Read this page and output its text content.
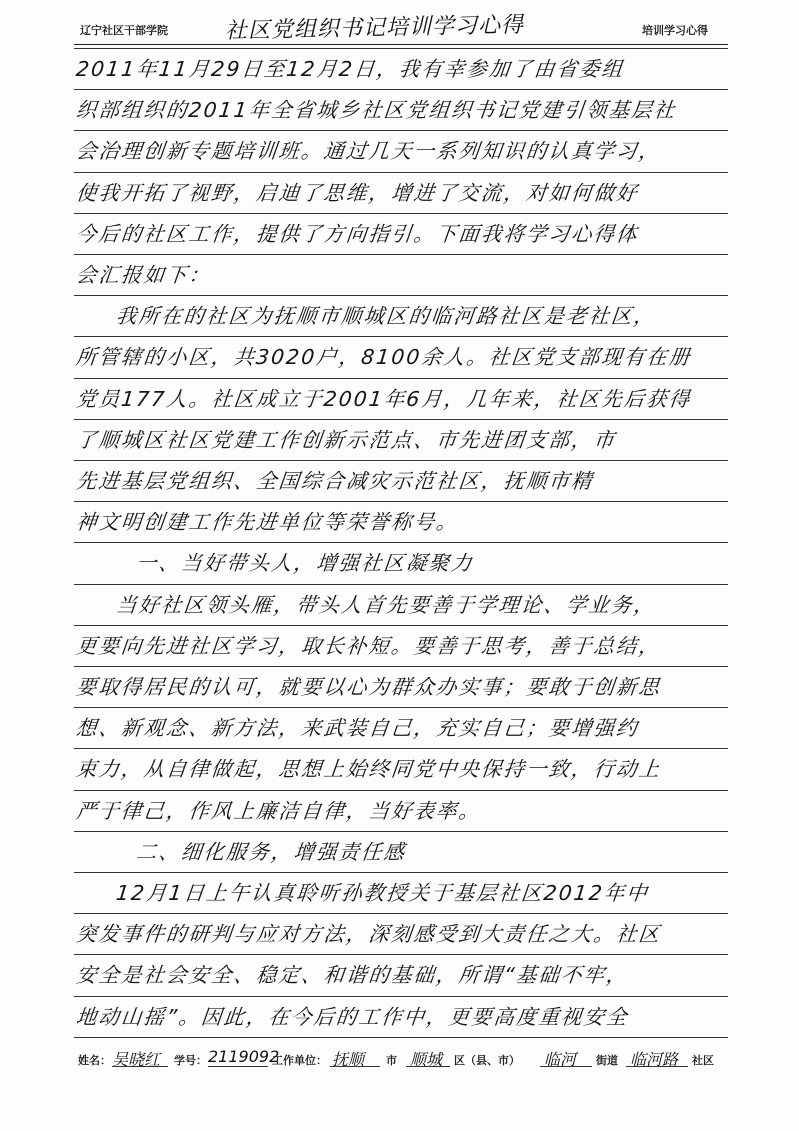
辽宁社区干部学院	社区党组织书记培训学习心得	培训学习心得
2011年11月29日至12月2日，我有幸参加了由省委组
织部组织的2011年全省城乡社区党组织书记党建引领基层社
会治理创新专题培训班。通过几天一系列知识的认真学习，
使我开拓了视野，启迪了思维，增进了交流，对如何做好
今后的社区工作，提供了方向指引。下面我将学习心得体
会汇报如下：
我所在的社区为抚顺市顺城区的临河路社区是老社区，
所管辖的小区，共3020户，8100余人。社区党支部现有在册
党员177人。社区成立于2001年6月，几年来，社区先后获得
了顺城区社区党建工作创新示范点、市先进团支部，市
先进基层党组织、全国综合减灾示范社区，抚顺市精
神文明创建工作先进单位等荣誉称号。
一、当好带头人，增强社区凝聚力
当好社区领头雁，带头人首先要善于学理论、学业务，
更要向先进社区学习，取长补短。要善于思考，善于总结，
要取得居民的认可，就要以心为群众办实事；要敢于创新思
想、新观念、新方法，来武装自己，充实自己；要增强约
束力，从自律做起，思想上始终同党中央保持一致，行动上
严于律己，作风上廉洁自律，当好表率。
二、细化服务，增强责任感
12月1日上午认真聆听孙教授关于基层社区2012年中
突发事件的研判与应对方法，深刻感受到大责任之大。社区
安全是社会安全、稳定、和谐的基础，所谓“基础不牢，
地动山摇”。因此，在今后的工作中，更要高度重视安全
姓名： 吴晓红 学号： 2119092
工作单位： 抚顺 市 顺城 区（县、市） 临河 街道 临河路 社区
